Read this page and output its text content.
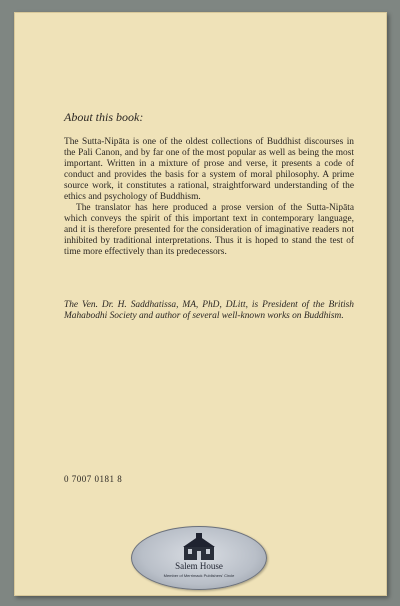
About this book:

The Sutta-Nipāta is one of the oldest collections of Buddhist discourses in the Pali Canon, and by far one of the most popular as well as being the most important. Written in a mixture of prose and verse, it presents a code of conduct and provides the basis for a system of moral philosophy. A prime source work, it constitutes a rational, straightforward understanding of the ethics and psychology of Buddhism.

The translator has here produced a prose version of the Sutta-Nipāta which conveys the spirit of this important text in contemporary language, and it is therefore presented for the consideration of imaginative readers not inhibited by traditional interpretations. Thus it is hoped to stand the test of time more effectively than its predecessors.

The Ven. Dr. H. Saddhatissa, MA, PhD, DLitt, is President of the British Mahabodhi Society and author of several well-known works on Buddhism.

0 7007 0181 8
Salem House
Member of Merrimack Publishers' Circle
